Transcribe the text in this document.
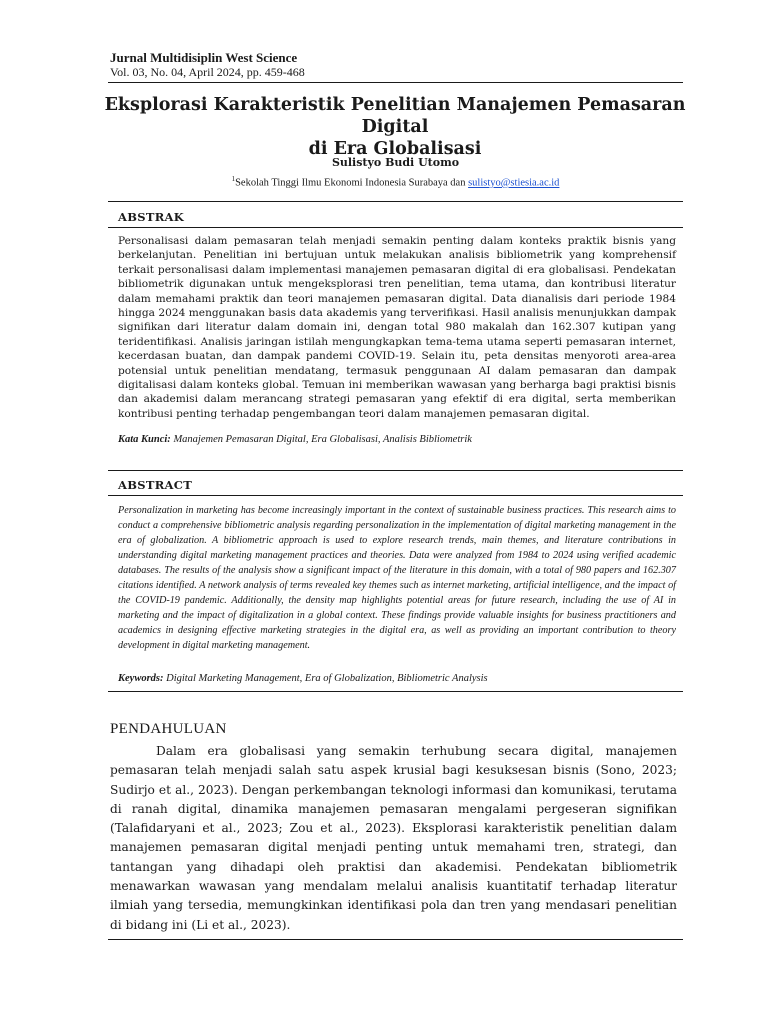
Jurnal Multidisiplin West Science
Vol. 03, No. 04, April 2024, pp. 459-468
Eksplorasi Karakteristik Penelitian Manajemen Pemasaran Digital
di Era Globalisasi
Sulistyo Budi Utomo
$^1$Sekolah Tinggi Ilmu Ekonomi Indonesia Surabaya dan sulistyo@stiesia.ac.id
ABSTRAK
Personalisasi dalam pemasaran telah menjadi semakin penting dalam konteks praktik bisnis yang berkelanjutan. Penelitian ini bertujuan untuk melakukan analisis bibliometrik yang komprehensif terkait personalisasi dalam implementasi manajemen pemasaran digital di era globalisasi. Pendekatan bibliometrik digunakan untuk mengeksplorasi tren penelitian, tema utama, dan kontribusi literatur dalam memahami praktik dan teori manajemen pemasaran digital. Data dianalisis dari periode 1984 hingga 2024 menggunakan basis data akademis yang terverifikasi. Hasil analisis menunjukkan dampak signifikan dari literatur dalam domain ini, dengan total 980 makalah dan 162.307 kutipan yang teridentifikasi. Analisis jaringan istilah mengungkapkan tema-tema utama seperti pemasaran internet, kecerdasan buatan, dan dampak pandemi COVID-19. Selain itu, peta densitas menyoroti area-area potensial untuk penelitian mendatang, termasuk penggunaan AI dalam pemasaran dan dampak digitalisasi dalam konteks global. Temuan ini memberikan wawasan yang berharga bagi praktisi bisnis dan akademisi dalam merancang strategi pemasaran yang efektif di era digital, serta memberikan kontribusi penting terhadap pengembangan teori dalam manajemen pemasaran digital.
Kata Kunci: Manajemen Pemasaran Digital, Era Globalisasi, Analisis Bibliometrik
ABSTRACT
Personalization in marketing has become increasingly important in the context of sustainable business practices. This research aims to conduct a comprehensive bibliometric analysis regarding personalization in the implementation of digital marketing management in the era of globalization. A bibliometric approach is used to explore research trends, main themes, and literature contributions in understanding digital marketing management practices and theories. Data were analyzed from 1984 to 2024 using verified academic databases. The results of the analysis show a significant impact of the literature in this domain, with a total of 980 papers and 162.307 citations identified. A network analysis of terms revealed key themes such as internet marketing, artificial intelligence, and the impact of the COVID-19 pandemic. Additionally, the density map highlights potential areas for future research, including the use of AI in marketing and the impact of digitalization in a global context. These findings provide valuable insights for business practitioners and academics in designing effective marketing strategies in the digital era, as well as providing an important contribution to theory development in digital marketing management.
Keywords: Digital Marketing Management, Era of Globalization, Bibliometric Analysis
PENDAHULUAN
Dalam era globalisasi yang semakin terhubung secara digital, manajemen pemasaran telah menjadi salah satu aspek krusial bagi kesuksesan bisnis (Sono, 2023; Sudirjo et al., 2023). Dengan perkembangan teknologi informasi dan komunikasi, terutama di ranah digital, dinamika manajemen pemasaran mengalami pergeseran signifikan (Talafidaryani et al., 2023; Zou et al., 2023). Eksplorasi karakteristik penelitian dalam manajemen pemasaran digital menjadi penting untuk memahami tren, strategi, dan tantangan yang dihadapi oleh praktisi dan akademisi. Pendekatan bibliometrik menawarkan wawasan yang mendalam melalui analisis kuantitatif terhadap literatur ilmiah yang tersedia, memungkinkan identifikasi pola dan tren yang mendasari penelitian di bidang ini (Li et al., 2023).
